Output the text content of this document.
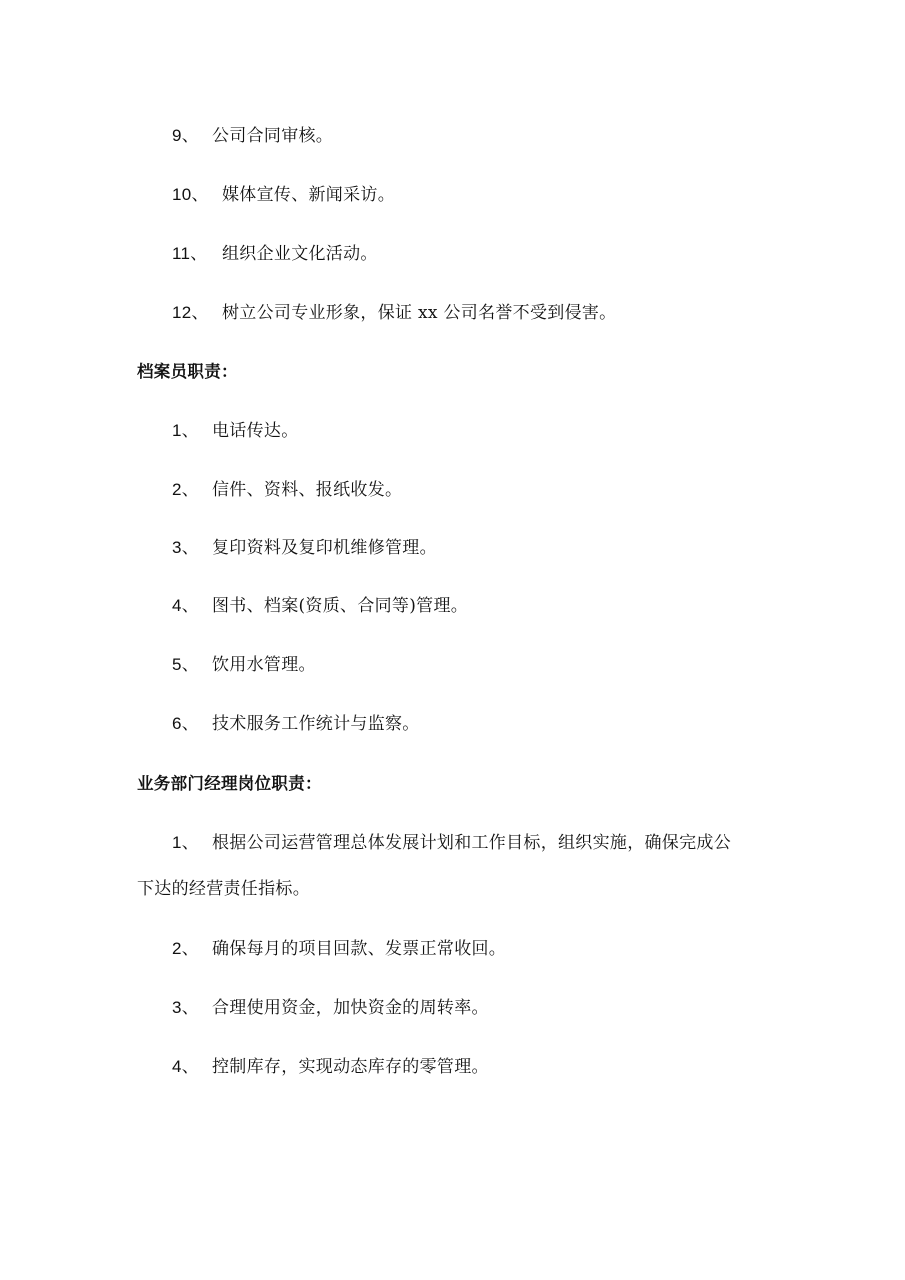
9、 公司合同审核。
10、 媒体宣传、新闻采访。
11、 组织企业文化活动。
12、 树立公司专业形象，保证 xx 公司名誉不受到侵害。
档案员职责：
1、 电话传达。
2、 信件、资料、报纸收发。
3、 复印资料及复印机维修管理。
4、 图书、档案(资质、合同等)管理。
5、 饮用水管理。
6、 技术服务工作统计与监察。
业务部门经理岗位职责：
1、 根据公司运营管理总体发展计划和工作目标，组织实施，确保完成公
下达的经营责任指标。
2、 确保每月的项目回款、发票正常收回。
3、 合理使用资金，加快资金的周转率。
4、 控制库存，实现动态库存的零管理。
